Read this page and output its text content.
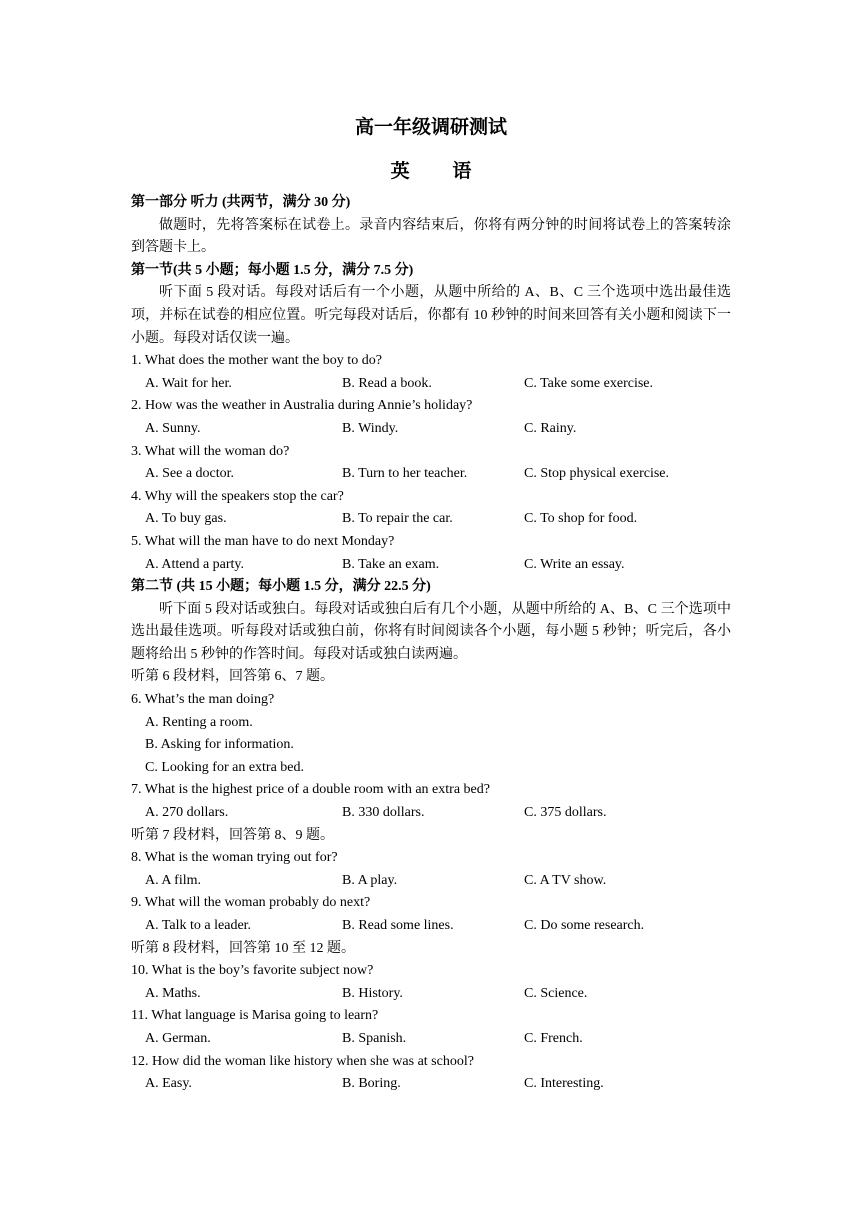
高一年级调研测试
英 语
第一部分 听力 (共两节，满分 30 分)
做题时，先将答案标在试卷上。录音内容结束后，你将有两分钟的时间将试卷上的答案转涂到答题卡上。
第一节(共 5 小题；每小题 1.5 分，满分 7.5 分)
听下面 5 段对话。每段对话后有一个小题，从题中所给的 A、B、C 三个选项中选出最佳选项，并标在试卷的相应位置。听完每段对话后，你都有 10 秒钟的时间来回答有关小题和阅读下一小题。每段对话仅读一遍。
1. What does the mother want the boy to do?
A. Wait for her.	B. Read a book.	C. Take some exercise.
2. How was the weather in Australia during Annie’s holiday?
A. Sunny.	B. Windy.	C. Rainy.
3. What will the woman do?
A. See a doctor.	B. Turn to her teacher.	C. Stop physical exercise.
4. Why will the speakers stop the car?
A. To buy gas.	B. To repair the car.	C. To shop for food.
5. What will the man have to do next Monday?
A. Attend a party.	B. Take an exam.	C. Write an essay.
第二节 (共 15 小题；每小题 1.5 分，满分 22.5 分)
听下面 5 段对话或独白。每段对话或独白后有几个小题，从题中所给的 A、B、C 三个选项中选出最佳选项。听每段对话或独白前，你将有时间阅读各个小题，每小题 5 秒钟；听完后，各小题将给出 5 秒钟的作答时间。每段对话或独白读两遍。
听第 6 段材料，回答第 6、7 题。
6. What’s the man doing?
A. Renting a room.
B. Asking for information.
C. Looking for an extra bed.
7. What is the highest price of a double room with an extra bed?
A. 270 dollars.	B. 330 dollars.	C. 375 dollars.
听第 7 段材料，回答第 8、9 题。
8. What is the woman trying out for?
A. A film.	B. A play.	C. A TV show.
9. What will the woman probably do next?
A. Talk to a leader.	B. Read some lines.	C. Do some research.
听第 8 段材料，回答第 10 至 12 题。
10. What is the boy’s favorite subject now?
A. Maths.	B. History.	C. Science.
11. What language is Marisa going to learn?
A. German.	B. Spanish.	C. French.
12. How did the woman like history when she was at school?
A. Easy.	B. Boring.	C. Interesting.
